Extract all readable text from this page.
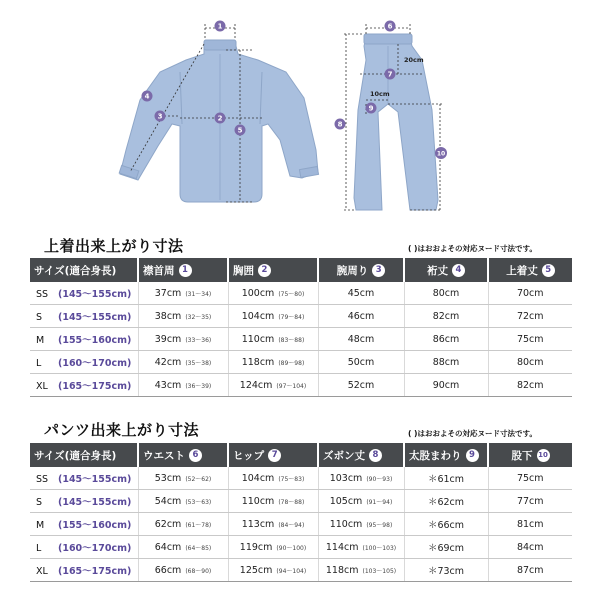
20cm
10cm
1
2
3
4
5
6
7
8
9
10
上着出来上がり寸法	( )はおおよその対応ヌード寸法です。
サイズ(適合身長)	襟首周 1	胸囲 2	腕周り 3	裄丈 4	上着丈 5
SS (145〜155cm)	37cm (31〜34)	100cm (75〜80)	45cm	80cm	70cm
S (145〜155cm)	38cm (32〜35)	104cm (79〜84)	46cm	82cm	72cm
M (155〜160cm)	39cm (33〜36)	110cm (83〜88)	48cm	86cm	75cm
L (160〜170cm)	42cm (35〜38)	118cm (89〜98)	50cm	88cm	80cm
XL (165〜175cm)	43cm (36〜39)	124cm (97〜104)	52cm	90cm	82cm
パンツ出来上がり寸法	( )はおおよその対応ヌード寸法です。
サイズ(適合身長)	ウエスト 6	ヒップ 7	ズボン丈 8	太股まわり 9	股下 10
SS (145〜155cm)	53cm (52〜62)	104cm (75〜83)	103cm (90〜93)	＊61cm	75cm
S (145〜155cm)	54cm (53〜63)	110cm (78〜88)	105cm (91〜94)	＊62cm	77cm
M (155〜160cm)	62cm (61〜78)	113cm (84〜94)	110cm (95〜98)	＊66cm	81cm
L (160〜170cm)	64cm (64〜85)	119cm (90〜100)	114cm (100〜103)	＊69cm	84cm
XL (165〜175cm)	66cm (68〜90)	125cm (94〜104)	118cm (103〜105)	＊73cm	87cm
